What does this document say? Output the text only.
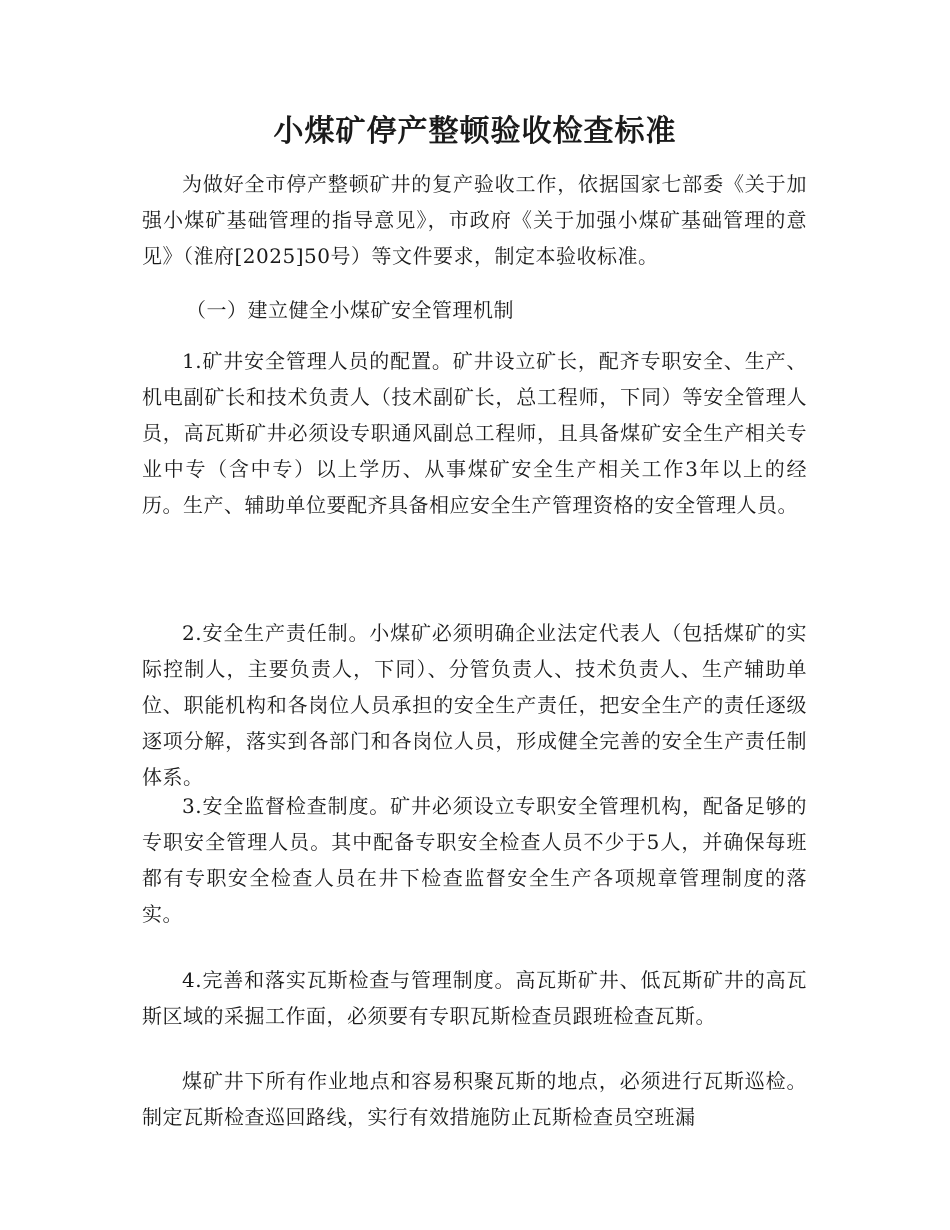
小煤矿停产整顿验收检查标准

为做好全市停产整顿矿井的复产验收工作，依据国家七部委《关于加强小煤矿基础管理的指导意见》，市政府《关于加强小煤矿基础管理的意见》（淮府[2025]50号）等文件要求，制定本验收标准。

（一）建立健全小煤矿安全管理机制

1.矿井安全管理人员的配置。矿井设立矿长，配齐专职安全、生产、机电副矿长和技术负责人（技术副矿长，总工程师，下同）等安全管理人员，高瓦斯矿井必须设专职通风副总工程师，且具备煤矿安全生产相关专业中专（含中专）以上学历、从事煤矿安全生产相关工作3年以上的经历。生产、辅助单位要配齐具备相应安全生产管理资格的安全管理人员。

2.安全生产责任制。小煤矿必须明确企业法定代表人（包括煤矿的实际控制人，主要负责人，下同）、分管负责人、技术负责人、生产辅助单位、职能机构和各岗位人员承担的安全生产责任，把安全生产的责任逐级逐项分解，落实到各部门和各岗位人员，形成健全完善的安全生产责任制体系。

3.安全监督检查制度。矿井必须设立专职安全管理机构，配备足够的专职安全管理人员。其中配备专职安全检查人员不少于5人，并确保每班都有专职安全检查人员在井下检查监督安全生产各项规章管理制度的落实。

4.完善和落实瓦斯检查与管理制度。高瓦斯矿井、低瓦斯矿井的高瓦斯区域的采掘工作面，必须要有专职瓦斯检查员跟班检查瓦斯。

煤矿井下所有作业地点和容易积聚瓦斯的地点，必须进行瓦斯巡检。制定瓦斯检查巡回路线，实行有效措施防止瓦斯检查员空班漏
